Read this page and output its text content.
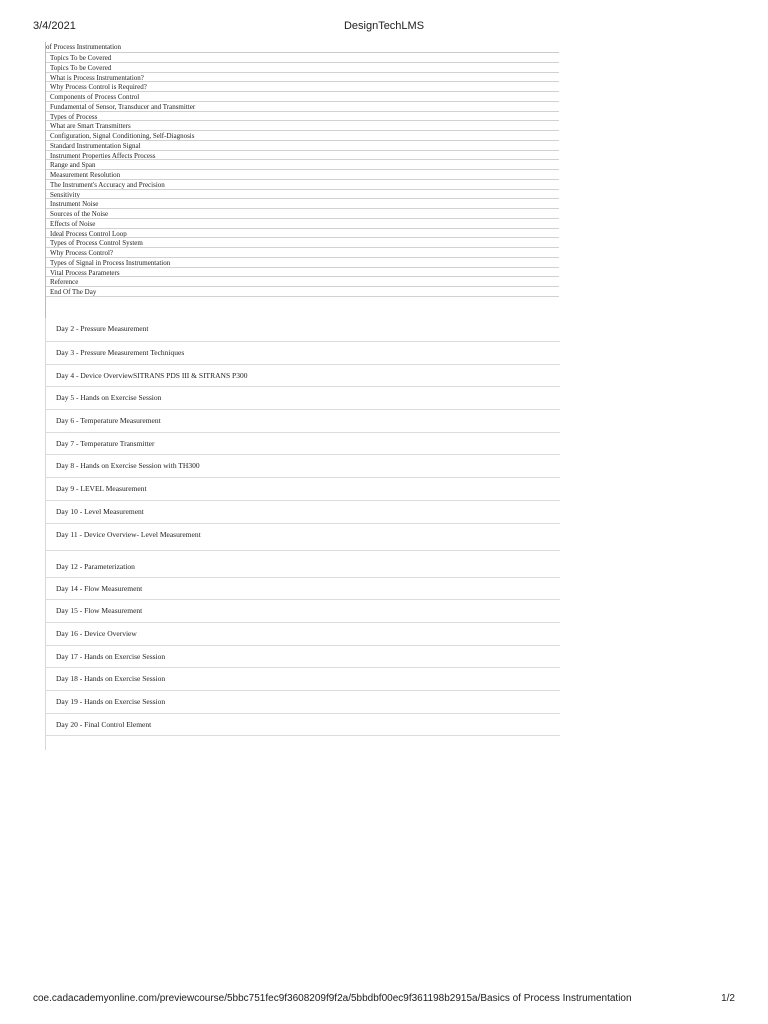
3/4/2021	DesignTechLMS
of Process Instrumentation
Topics To be Covered
Topics To be Covered
What is Process Instrumentation?
Why Process Control is Required?
Components of Process Control
Fundamental of Sensor, Transducer and Transmitter
Types of Process
What are Smart Transmitters
Configuration, Signal Conditioning, Self-Diagnosis
Standard Instrumentation Signal
Instrument Properties Affects Process
Range and Span
Measurement Resolution
The Instrument's Accuracy and Precision
Sensitivity
Instrument Noise
Sources of the Noise
Effects of Noise
Ideal Process Control Loop
Types of Process Control System
Why Process Control?
Types of Signal in Process Instrumentation
Vital Process Parameters
Reference
End Of The Day
Day 2 - Pressure Measurement
Day 3 - Pressure Measurement Techniques
Day 4 - Device OverviewSITRANS PDS III & SITRANS P300
Day 5 - Hands on Exercise Session
Day 6 - Temperature Measurement
Day 7 - Temperature Transmitter
Day 8 - Hands on Exercise Session with TH300
Day 9 - LEVEL Measurement
Day 10 - Level Measurement
Day 11 - Device Overview- Level Measurement
Day 12 - Parameterization
Day 14 - Flow Measurement
Day 15 - Flow Measurement
Day 16 - Device Overview
Day 17 - Hands on Exercise Session
Day 18 - Hands on Exercise Session
Day 19 - Hands on Exercise Session
Day 20 - Final Control Element
coe.cadacademyonline.com/previewcourse/5bbc751fec9f3608209f9f2a/5bbdbf00ec9f361198b2915a/Basics of Process Instrumentation	1/2
